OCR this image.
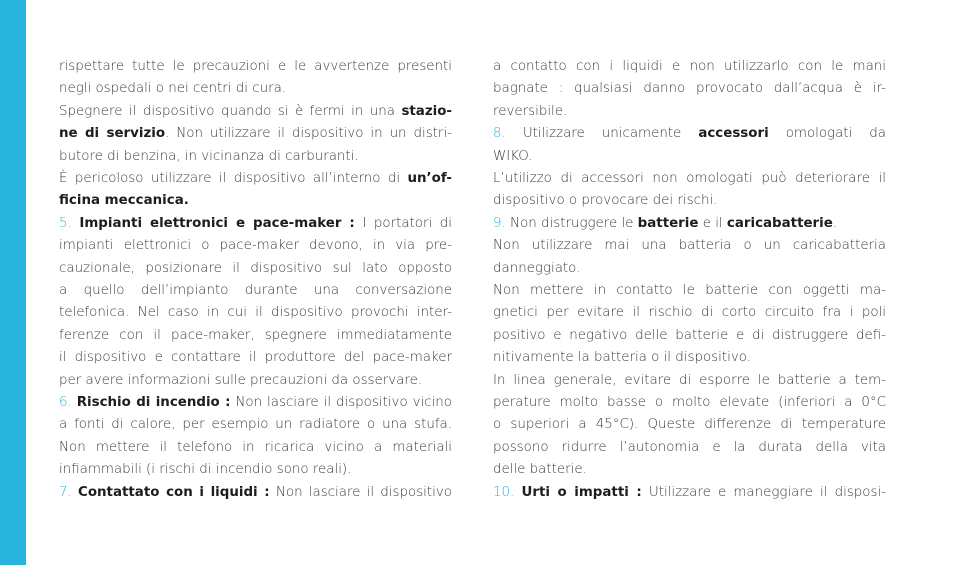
rispettare tutte le precauzioni e le avvertenze presenti
negli ospedali o nei centri di cura.
Spegnere il dispositivo quando si è fermi in una stazio-
ne di servizio. Non utilizzare il dispositivo in un distri-
butore di benzina, in vicinanza di carburanti.
È pericoloso utilizzare il dispositivo all’interno di un’of-
ficina meccanica.
5. Impianti elettronici e pace-maker : I portatori di
impianti elettronici o pace-maker devono, in via pre-
cauzionale, posizionare il dispositivo sul lato opposto
a quello dell’impianto durante una conversazione
telefonica. Nel caso in cui il dispositivo provochi inter-
ferenze con il pace-maker, spegnere immediatamente
il dispositivo e contattare il produttore del pace-maker
per avere informazioni sulle precauzioni da osservare.
6. Rischio di incendio : Non lasciare il dispositivo vicino
a fonti di calore, per esempio un radiatore o una stufa.
Non mettere il telefono in ricarica vicino a materiali
infiammabili (i rischi di incendio sono reali).
7. Contattato con i liquidi : Non lasciare il dispositivo
a contatto con i liquidi e non utilizzarlo con le mani
bagnate : qualsiasi danno provocato dall’acqua è ir-
reversibile.
8. Utilizzare unicamente accessori omologati da
WIKO.
L’utilizzo di accessori non omologati può deteriorare il
dispositivo o provocare dei rischi.
9. Non distruggere le batterie e il caricabatterie.
Non utilizzare mai una batteria o un caricabatteria
danneggiato.
Non mettere in contatto le batterie con oggetti ma-
gnetici per evitare il rischio di corto circuito fra i poli
positivo e negativo delle batterie e di distruggere defi-
nitivamente la batteria o il dispositivo.
In linea generale, evitare di esporre le batterie a tem-
perature molto basse o molto elevate (inferiori a 0°C
o superiori a 45°C). Queste differenze di temperature
possono ridurre l’autonomia e la durata della vita
delle batterie.
10. Urti o impatti : Utilizzare e maneggiare il disposi-
